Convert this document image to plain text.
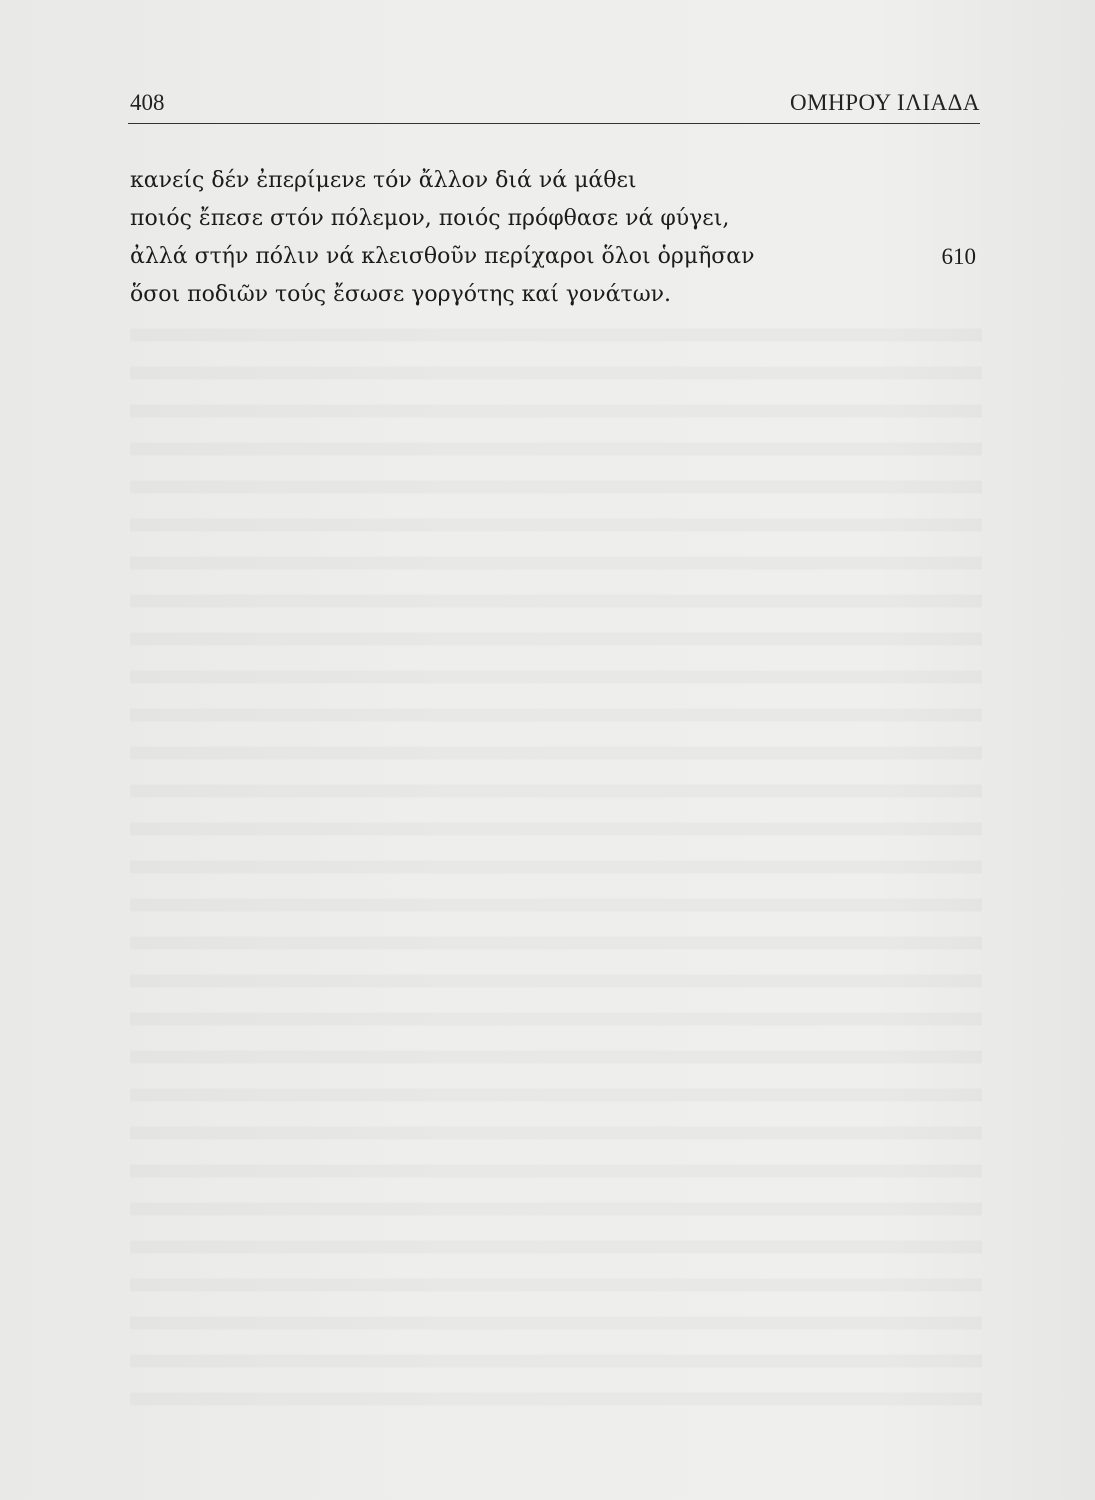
408	ΟΜΗΡΟΥ ΙΛΙΑΔΑ
κανείς δέν ἐπερίμενε τόν ἄλλον διά νά μάθει
ποιός ἔπεσε στόν πόλεμον, ποιός πρόφθασε νά φύγει,
ἀλλά στήν πόλιν νά κλεισθοῦν περίχαροι ὅλοι ὁρμῆσαν	610
ὅσοι ποδιῶν τούς ἔσωσε γοργότης καί γονάτων.
